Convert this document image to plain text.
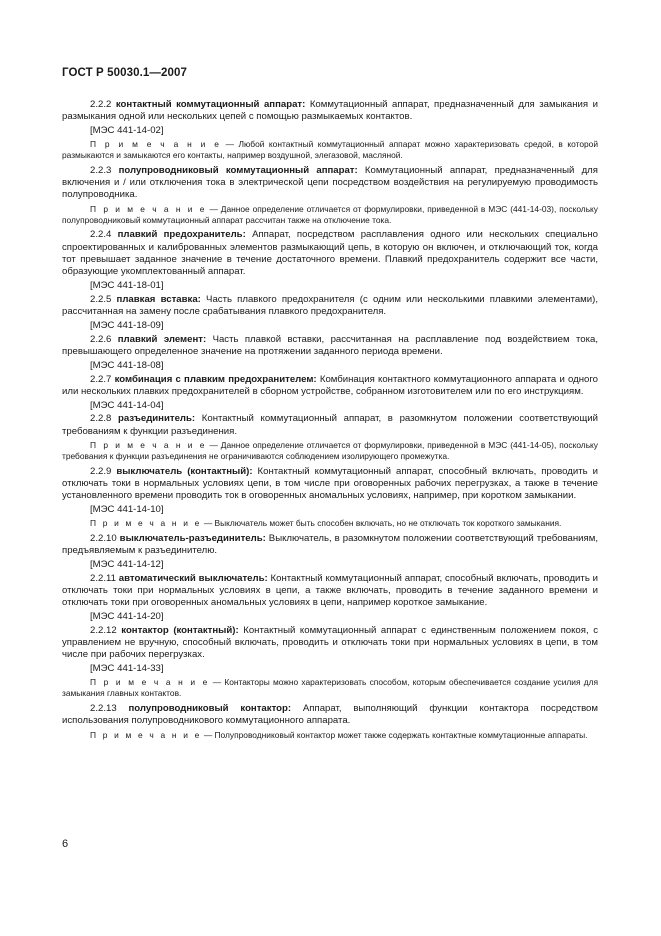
ГОСТ Р 50030.1—2007
2.2.2 контактный коммутационный аппарат: Коммутационный аппарат, предназначенный для замыкания и размыкания одной или нескольких цепей с помощью размыкаемых контактов.
[МЭС 441-14-02]
П р и м е ч а н и е — Любой контактный коммутационный аппарат можно характеризовать средой, в которой размыкаются и замыкаются его контакты, например воздушной, элегазовой, масляной.
2.2.3 полупроводниковый коммутационный аппарат: Коммутационный аппарат, предназначенный для включения и / или отключения тока в электрической цепи посредством воздействия на регулируемую проводимость полупроводника.
П р и м е ч а н и е — Данное определение отличается от формулировки, приведенной в МЭС (441-14-03), поскольку полупроводниковый коммутационный аппарат рассчитан также на отключение тока.
2.2.4 плавкий предохранитель: Аппарат, посредством расплавления одного или нескольких специально спроектированных и калиброванных элементов размыкающий цепь, в которую он включен, и отключающий ток, когда тот превышает заданное значение в течение достаточного времени. Плавкий предохранитель содержит все части, образующие укомплектованный аппарат.
[МЭС 441-18-01]
2.2.5 плавкая вставка: Часть плавкого предохранителя (с одним или несколькими плавкими элементами), рассчитанная на замену после срабатывания плавкого предохранителя.
[МЭС 441-18-09]
2.2.6 плавкий элемент: Часть плавкой вставки, рассчитанная на расплавление под воздействием тока, превышающего определенное значение на протяжении заданного периода времени.
[МЭС 441-18-08]
2.2.7 комбинация с плавким предохранителем: Комбинация контактного коммутационного аппарата и одного или нескольких плавких предохранителей в сборном устройстве, собранном изготовителем или по его инструкциям.
[МЭС 441-14-04]
2.2.8 разъединитель: Контактный коммутационный аппарат, в разомкнутом положении соответствующий требованиям к функции разъединения.
П р и м е ч а н и е — Данное определение отличается от формулировки, приведенной в МЭС (441-14-05), поскольку требования к функции разъединения не ограничиваются соблюдением изолирующего промежутка.
2.2.9 выключатель (контактный): Контактный коммутационный аппарат, способный включать, проводить и отключать токи в нормальных условиях цепи, в том числе при оговоренных рабочих перегрузках, а также в течение установленного времени проводить ток в оговоренных аномальных условиях, например, при коротком замыкании.
[МЭС 441-14-10]
П р и м е ч а н и е — Выключатель может быть способен включать, но не отключать ток короткого замыкания.
2.2.10 выключатель-разъединитель: Выключатель, в разомкнутом положении соответствующий требованиям, предъявляемым к разъединителю.
[МЭС 441-14-12]
2.2.11 автоматический выключатель: Контактный коммутационный аппарат, способный включать, проводить и отключать токи при нормальных условиях в цепи, а также включать, проводить в течение заданного времени и отключать токи при оговоренных аномальных условиях в цепи, например короткое замыкание.
[МЭС 441-14-20]
2.2.12 контактор (контактный): Контактный коммутационный аппарат с единственным положением покоя, с управлением не вручную, способный включать, проводить и отключать токи при нормальных условиях в цепи, в том числе при рабочих перегрузках.
[МЭС 441-14-33]
П р и м е ч а н и е — Контакторы можно характеризовать способом, которым обеспечивается создание усилия для замыкания главных контактов.
2.2.13 полупроводниковый контактор: Аппарат, выполняющий функции контактора посредством использования полупроводникового коммутационного аппарата.
П р и м е ч а н и е — Полупроводниковый контактор может также содержать контактные коммутационные аппараты.
6
